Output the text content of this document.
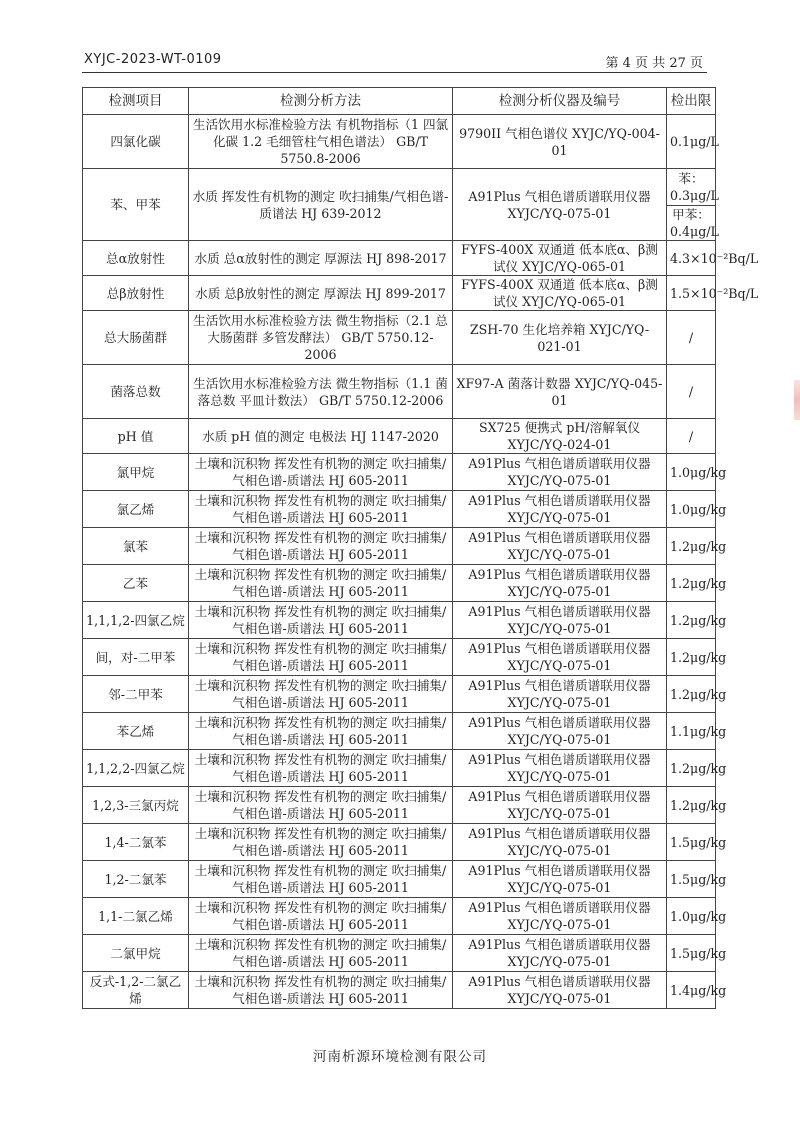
XYJC-2023-WT-0109	第 4 页 共 27 页
检测项目	检测分析方法	检测分析仪器及编号	检出限
四氯化碳	生活饮用水标准检验方法 有机物指标（1 四氯化碳 1.2 毛细管柱气相色谱法） GB/T 5750.8-2006	9790II 气相色谱仪 XYJC/YQ-004-01	0.1μg/L
苯、甲苯	水质 挥发性有机物的测定 吹扫捕集/气相色谱-质谱法 HJ 639-2012	A91Plus 气相色谱质谱联用仪器 XYJC/YQ-075-01	苯：0.3μg/L
			甲苯：0.4μg/L
总α放射性	水质 总α放射性的测定 厚源法 HJ 898-2017	FYFS-400X 双通道 低本底α、β测试仪 XYJC/YQ-065-01	4.3×10⁻²Bq/L
总β放射性	水质 总β放射性的测定 厚源法 HJ 899-2017	FYFS-400X 双通道 低本底α、β测试仪 XYJC/YQ-065-01	1.5×10⁻²Bq/L
总大肠菌群	生活饮用水标准检验方法 微生物指标（2.1 总大肠菌群 多管发酵法） GB/T 5750.12-2006	ZSH-70 生化培养箱 XYJC/YQ-021-01	/
菌落总数	生活饮用水标准检验方法 微生物指标（1.1 菌落总数 平皿计数法） GB/T 5750.12-2006	XF97-A 菌落计数器 XYJC/YQ-045-01	/
pH 值	水质 pH 值的测定 电极法 HJ 1147-2020	SX725 便携式 pH/溶解氧仪 XYJC/YQ-024-01	/
氯甲烷	土壤和沉积物 挥发性有机物的测定 吹扫捕集/气相色谱-质谱法 HJ 605-2011	A91Plus 气相色谱质谱联用仪器 XYJC/YQ-075-01	1.0μg/kg
氯乙烯	土壤和沉积物 挥发性有机物的测定 吹扫捕集/气相色谱-质谱法 HJ 605-2011	A91Plus 气相色谱质谱联用仪器 XYJC/YQ-075-01	1.0μg/kg
氯苯	土壤和沉积物 挥发性有机物的测定 吹扫捕集/气相色谱-质谱法 HJ 605-2011	A91Plus 气相色谱质谱联用仪器 XYJC/YQ-075-01	1.2μg/kg
乙苯	土壤和沉积物 挥发性有机物的测定 吹扫捕集/气相色谱-质谱法 HJ 605-2011	A91Plus 气相色谱质谱联用仪器 XYJC/YQ-075-01	1.2μg/kg
1,1,1,2-四氯乙烷	土壤和沉积物 挥发性有机物的测定 吹扫捕集/气相色谱-质谱法 HJ 605-2011	A91Plus 气相色谱质谱联用仪器 XYJC/YQ-075-01	1.2μg/kg
间，对-二甲苯	土壤和沉积物 挥发性有机物的测定 吹扫捕集/气相色谱-质谱法 HJ 605-2011	A91Plus 气相色谱质谱联用仪器 XYJC/YQ-075-01	1.2μg/kg
邻-二甲苯	土壤和沉积物 挥发性有机物的测定 吹扫捕集/气相色谱-质谱法 HJ 605-2011	A91Plus 气相色谱质谱联用仪器 XYJC/YQ-075-01	1.2μg/kg
苯乙烯	土壤和沉积物 挥发性有机物的测定 吹扫捕集/气相色谱-质谱法 HJ 605-2011	A91Plus 气相色谱质谱联用仪器 XYJC/YQ-075-01	1.1μg/kg
1,1,2,2-四氯乙烷	土壤和沉积物 挥发性有机物的测定 吹扫捕集/气相色谱-质谱法 HJ 605-2011	A91Plus 气相色谱质谱联用仪器 XYJC/YQ-075-01	1.2μg/kg
1,2,3-三氯丙烷	土壤和沉积物 挥发性有机物的测定 吹扫捕集/气相色谱-质谱法 HJ 605-2011	A91Plus 气相色谱质谱联用仪器 XYJC/YQ-075-01	1.2μg/kg
1,4-二氯苯	土壤和沉积物 挥发性有机物的测定 吹扫捕集/气相色谱-质谱法 HJ 605-2011	A91Plus 气相色谱质谱联用仪器 XYJC/YQ-075-01	1.5μg/kg
1,2-二氯苯	土壤和沉积物 挥发性有机物的测定 吹扫捕集/气相色谱-质谱法 HJ 605-2011	A91Plus 气相色谱质谱联用仪器 XYJC/YQ-075-01	1.5μg/kg
1,1-二氯乙烯	土壤和沉积物 挥发性有机物的测定 吹扫捕集/气相色谱-质谱法 HJ 605-2011	A91Plus 气相色谱质谱联用仪器 XYJC/YQ-075-01	1.0μg/kg
二氯甲烷	土壤和沉积物 挥发性有机物的测定 吹扫捕集/气相色谱-质谱法 HJ 605-2011	A91Plus 气相色谱质谱联用仪器 XYJC/YQ-075-01	1.5μg/kg
反式-1,2-二氯乙烯	土壤和沉积物 挥发性有机物的测定 吹扫捕集/气相色谱-质谱法 HJ 605-2011	A91Plus 气相色谱质谱联用仪器 XYJC/YQ-075-01	1.4μg/kg
河南析源环境检测有限公司
